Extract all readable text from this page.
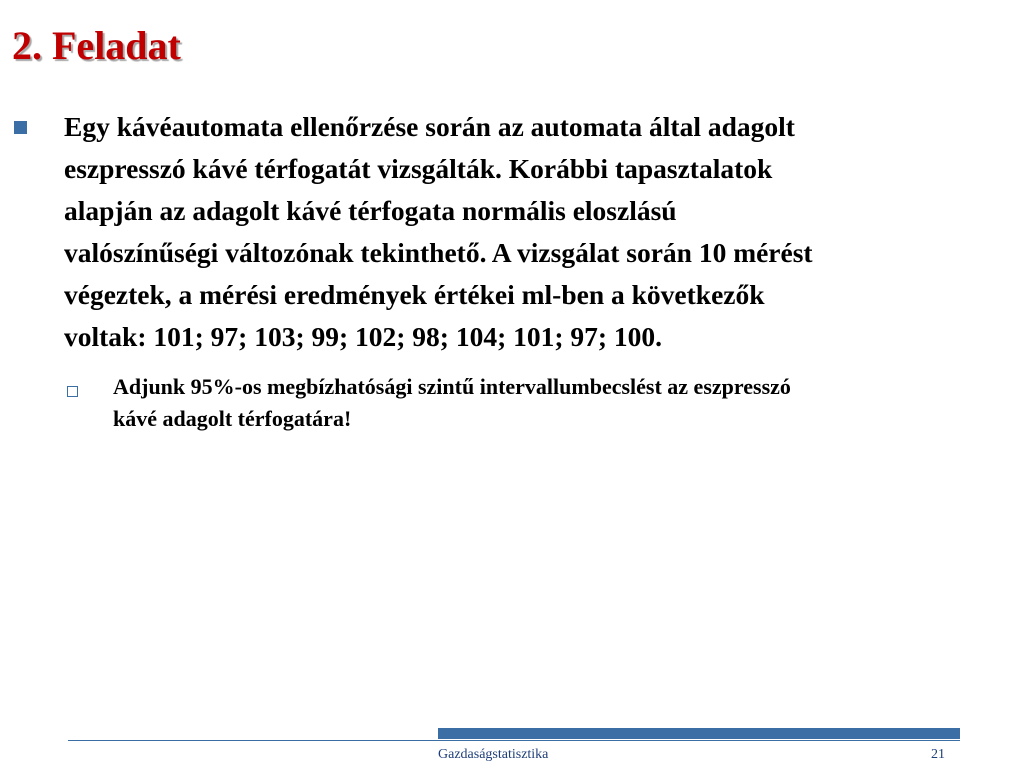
2. Feladat

Egy kávéautomata ellenőrzése során az automata által adagolt
eszpresszó kávé térfogatát vizsgálták. Korábbi tapasztalatok
alapján az adagolt kávé térfogata normális eloszlású
valószínűségi változónak tekinthető. A vizsgálat során 10 mérést
végeztek, a mérési eredmények értékei ml-ben a következők
voltak: 101; 97; 103; 99; 102; 98; 104; 101; 97; 100.

Adjunk 95%-os megbízhatósági szintű intervallumbecslést az eszpresszó
kávé adagolt térfogatára!

Gazdaságstatisztika	21
